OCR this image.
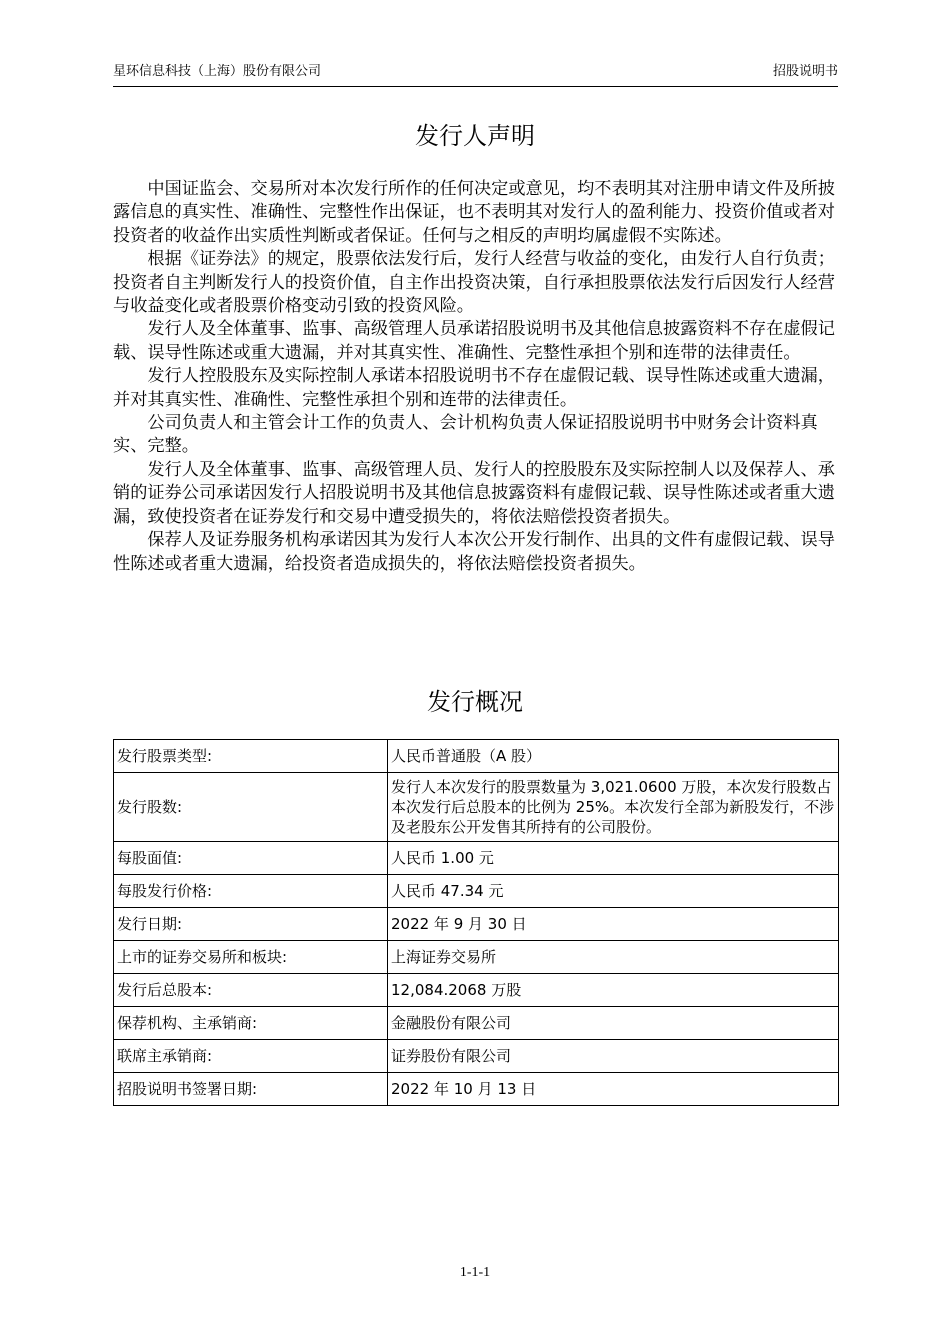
星环信息科技（上海）股份有限公司	招股说明书
发行人声明

中国证监会、交易所对本次发行所作的任何决定或意见，均不表明其对注册申请文件及所披露信息的真实性、准确性、完整性作出保证，也不表明其对发行人的盈利能力、投资价值或者对投资者的收益作出实质性判断或者保证。任何与之相反的声明均属虚假不实陈述。

根据《证券法》的规定，股票依法发行后，发行人经营与收益的变化，由发行人自行负责；投资者自主判断发行人的投资价值，自主作出投资决策，自行承担股票依法发行后因发行人经营与收益变化或者股票价格变动引致的投资风险。

发行人及全体董事、监事、高级管理人员承诺招股说明书及其他信息披露资料不存在虚假记载、误导性陈述或重大遗漏，并对其真实性、准确性、完整性承担个别和连带的法律责任。

发行人控股股东及实际控制人承诺本招股说明书不存在虚假记载、误导性陈述或重大遗漏，并对其真实性、准确性、完整性承担个别和连带的法律责任。

公司负责人和主管会计工作的负责人、会计机构负责人保证招股说明书中财务会计资料真实、完整。

发行人及全体董事、监事、高级管理人员、发行人的控股股东及实际控制人以及保荐人、承销的证券公司承诺因发行人招股说明书及其他信息披露资料有虚假记载、误导性陈述或者重大遗漏，致使投资者在证券发行和交易中遭受损失的，将依法赔偿投资者损失。

保荐人及证券服务机构承诺因其为发行人本次公开发行制作、出具的文件有虚假记载、误导性陈述或者重大遗漏，给投资者造成损失的，将依法赔偿投资者损失。

发行概况
发行股票类型:	人民币普通股（A 股）
发行股数:	发行人本次发行的股票数量为 3,021.0600 万股，本次发行股数占本次发行后总股本的比例为 25%。本次发行全部为新股发行，不涉及老股东公开发售其所持有的公司股份。
每股面值:	人民币 1.00 元
每股发行价格:	人民币 47.34 元
发行日期:	2022 年 9 月 30 日
上市的证券交易所和板块:	上海证券交易所
发行后总股本:	12,084.2068 万股
保荐机构、主承销商:	金融股份有限公司
联席主承销商:	证券股份有限公司
招股说明书签署日期:	2022 年 10 月 13 日
1-1-1
